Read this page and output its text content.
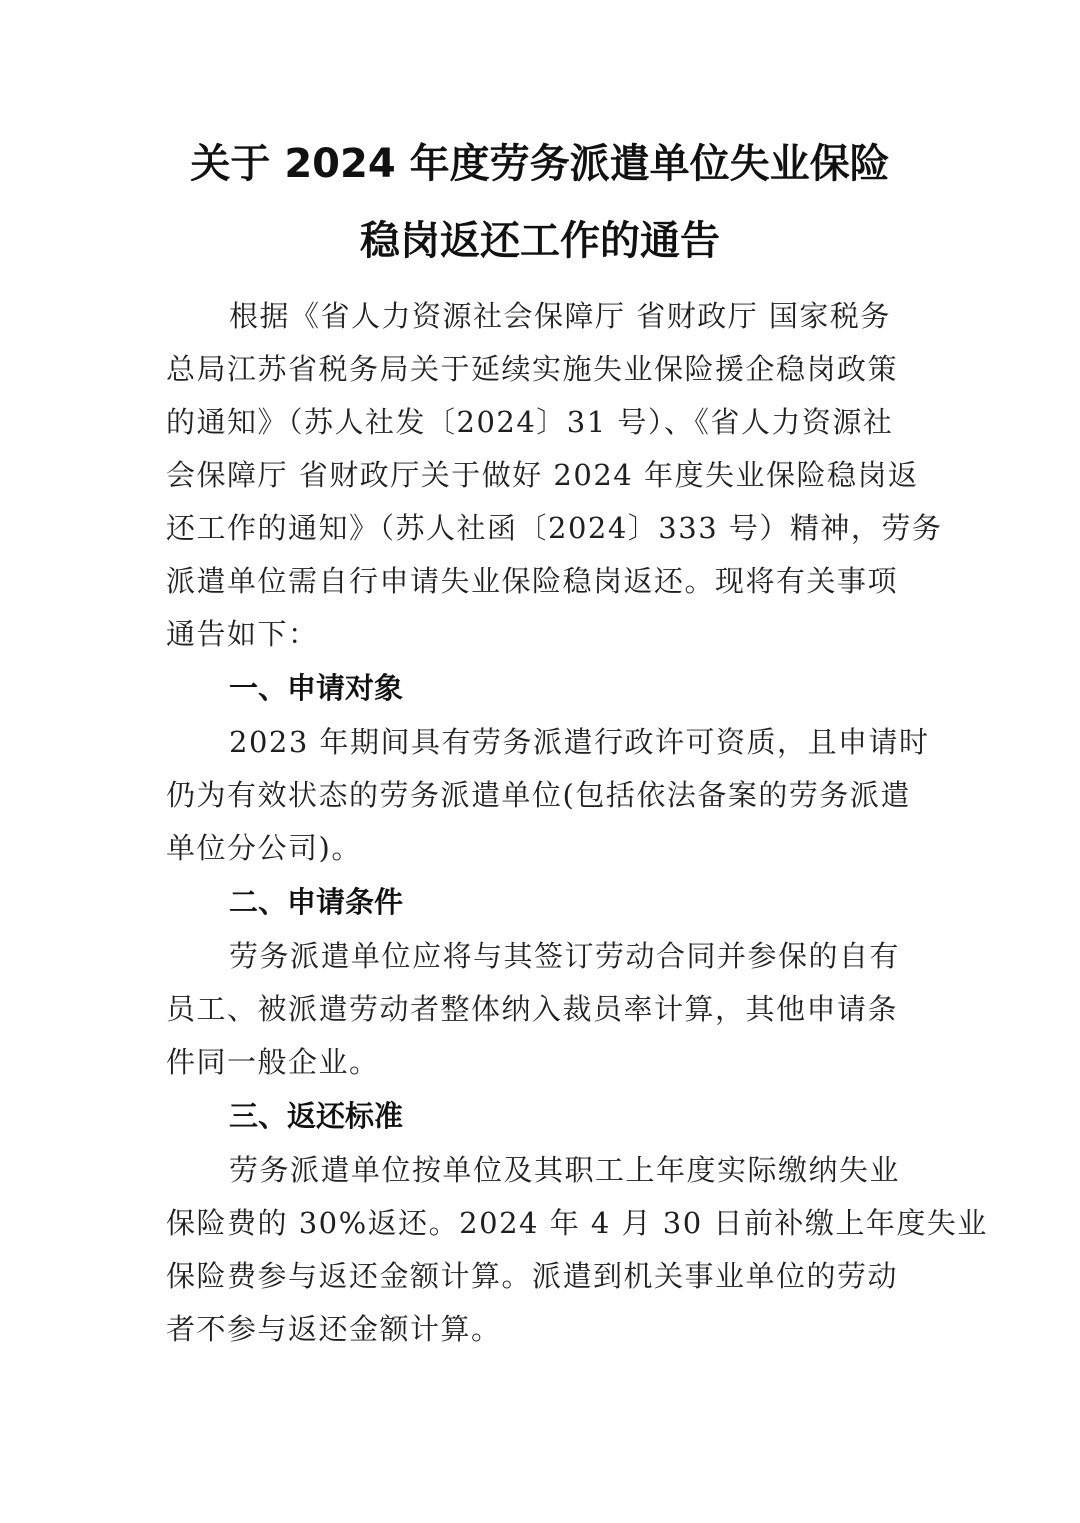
关于 2024 年度劳务派遣单位失业保险
稳岗返还工作的通告
根据《省人力资源社会保障厅 省财政厅 国家税务
总局江苏省税务局关于延续实施失业保险援企稳岗政策
的通知》（苏人社发〔2024〕31 号）、《省人力资源社
会保障厅 省财政厅关于做好 2024 年度失业保险稳岗返
还工作的通知》（苏人社函〔2024〕333 号）精神，劳务
派遣单位需自行申请失业保险稳岗返还。现将有关事项
通告如下：
一、申请对象
2023 年期间具有劳务派遣行政许可资质，且申请时
仍为有效状态的劳务派遣单位(包括依法备案的劳务派遣
单位分公司)。
二、申请条件
劳务派遣单位应将与其签订劳动合同并参保的自有
员工、被派遣劳动者整体纳入裁员率计算，其他申请条
件同一般企业。
三、返还标准
劳务派遣单位按单位及其职工上年度实际缴纳失业
保险费的 30%返还。2024 年 4 月 30 日前补缴上年度失业
保险费参与返还金额计算。派遣到机关事业单位的劳动
者不参与返还金额计算。
